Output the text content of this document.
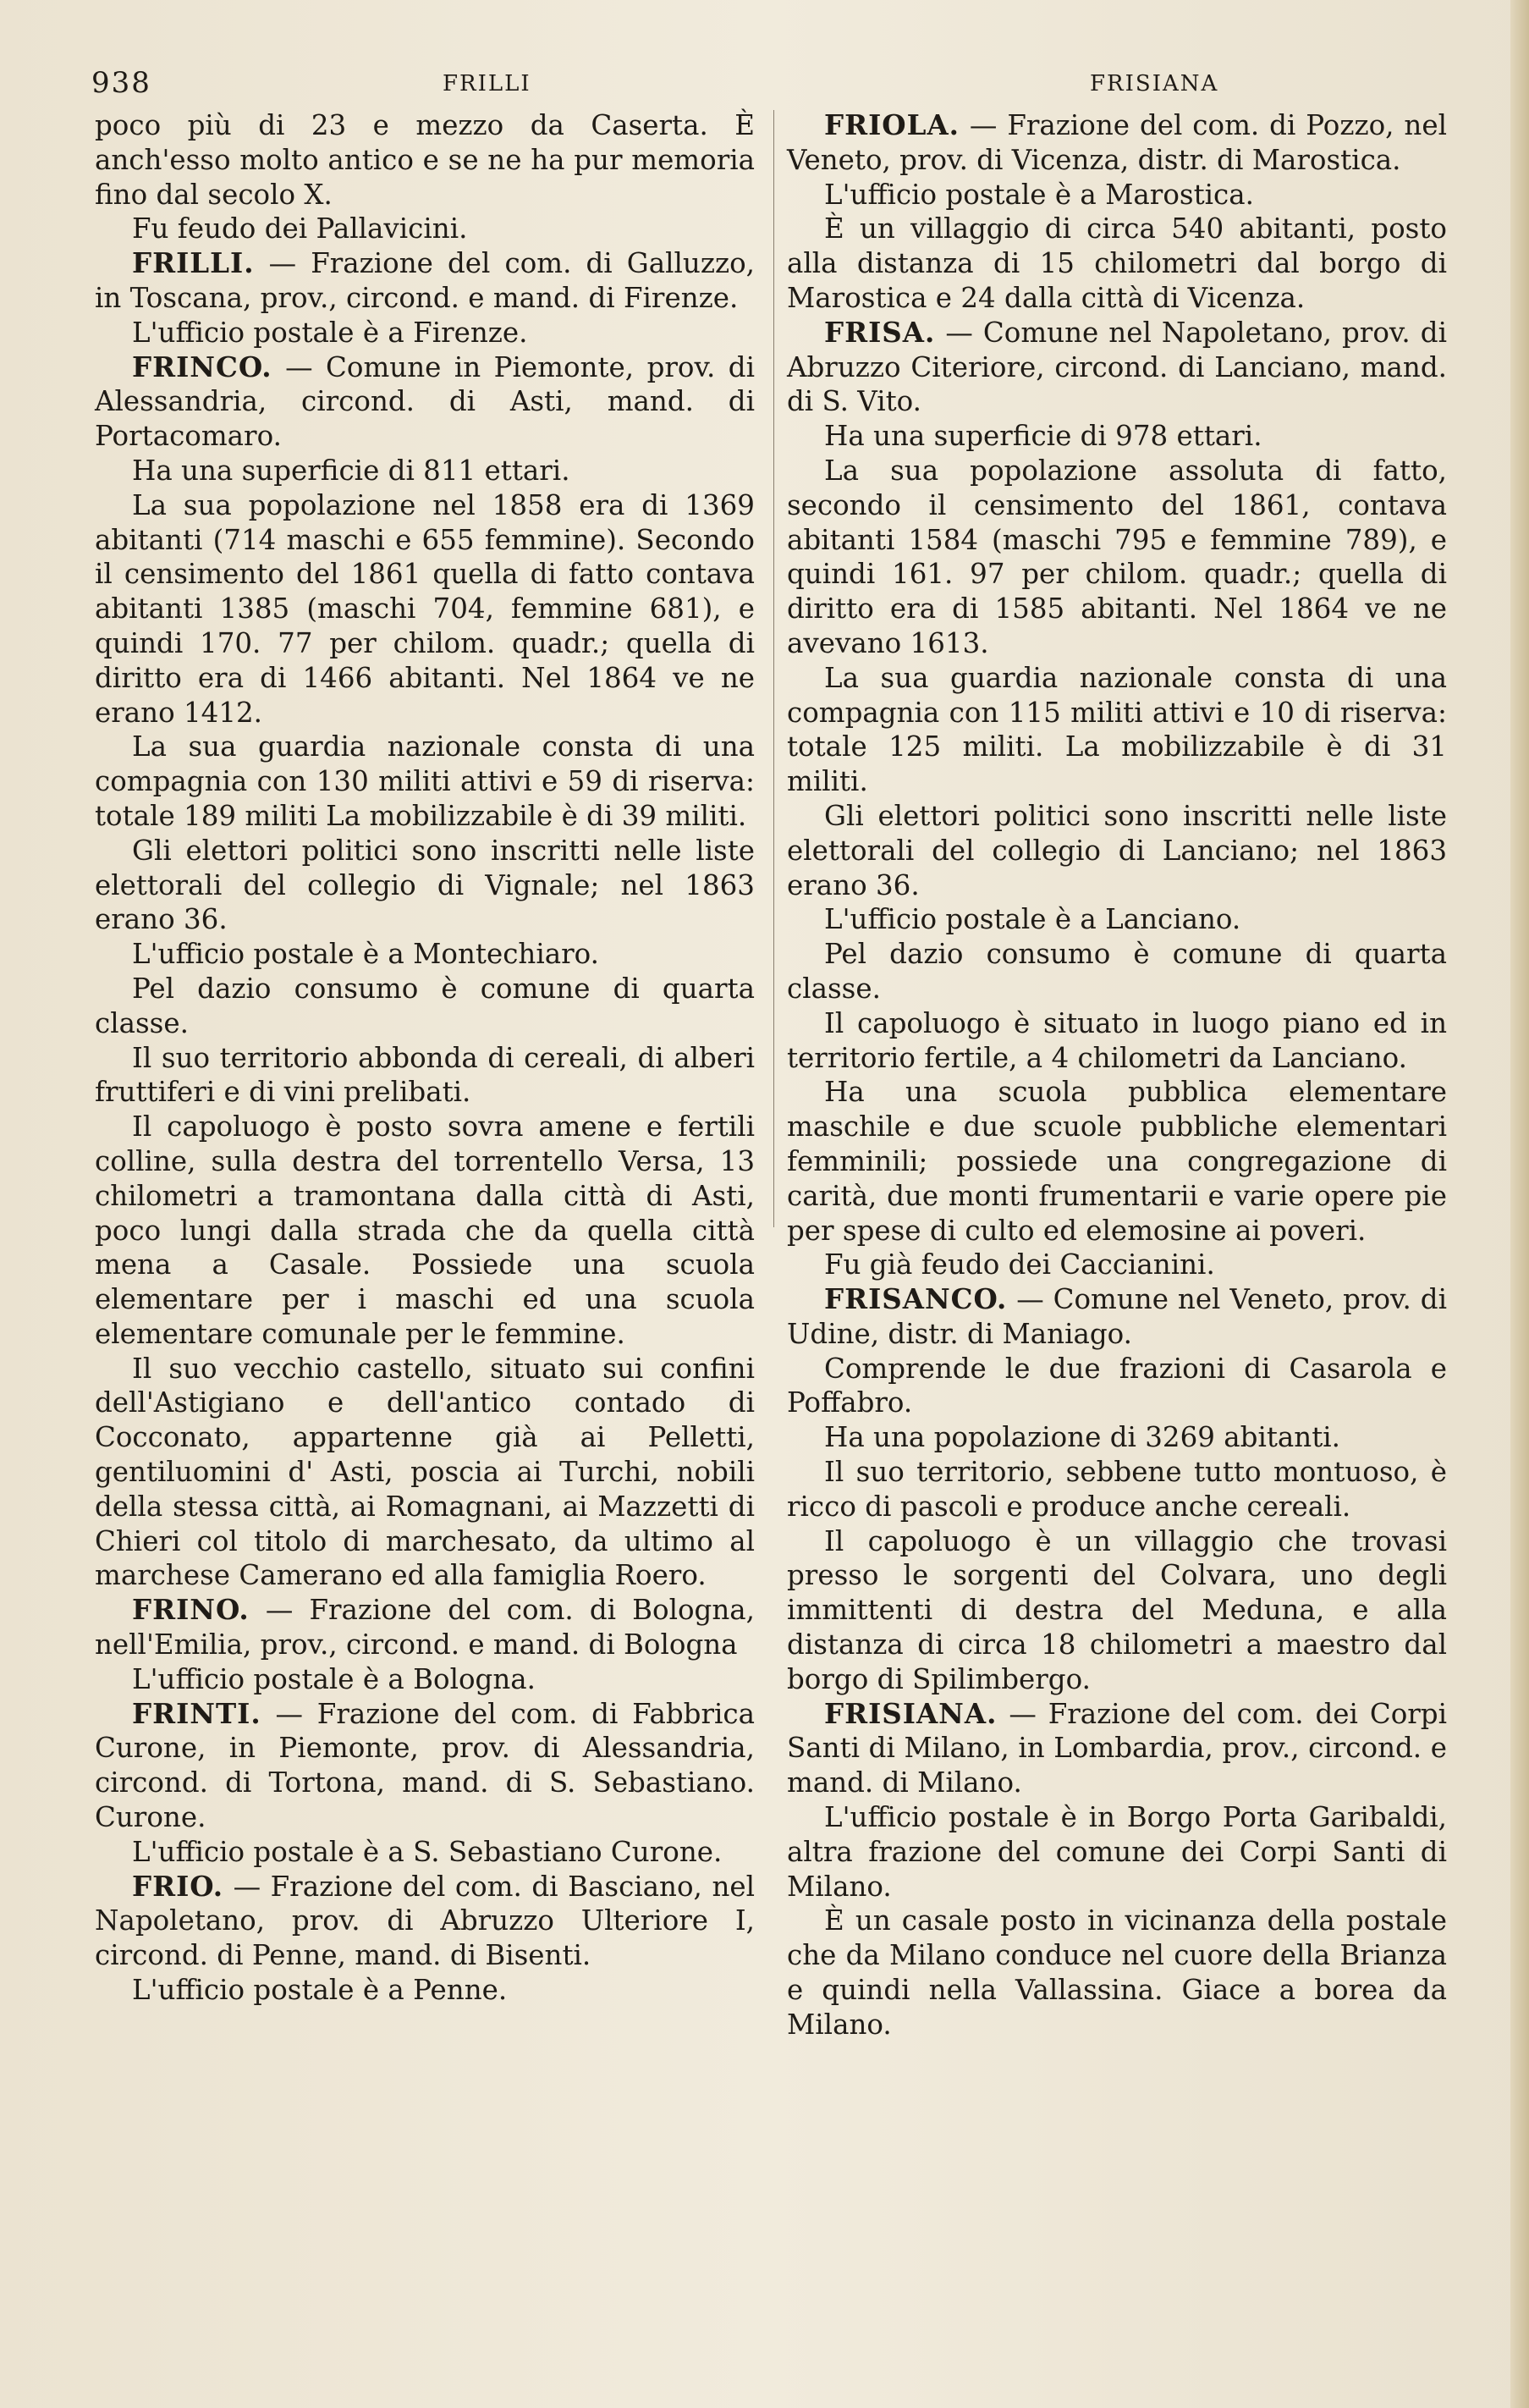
938	FRILLI	FRISIANA

poco più di 23 e mezzo da Caserta. È anch'esso molto antico e se ne ha pur memoria fino dal secolo X.

Fu feudo dei Pallavicini.

FRILLI. — Frazione del com. di Galluzzo, in Toscana, prov., circond. e mand. di Firenze.

L'ufficio postale è a Firenze.

FRINCO. — Comune in Piemonte, prov. di Alessandria, circond. di Asti, mand. di Portacomaro.

Ha una superficie di 811 ettari.

La sua popolazione nel 1858 era di 1369 abitanti (714 maschi e 655 femmine). Secondo il censimento del 1861 quella di fatto contava abitanti 1385 (maschi 704, femmine 681), e quindi 170. 77 per chilom. quadr.; quella di diritto era di 1466 abitanti. Nel 1864 ve ne erano 1412.

La sua guardia nazionale consta di una compagnia con 130 militi attivi e 59 di riserva: totale 189 militi La mobilizzabile è di 39 militi.

Gli elettori politici sono inscritti nelle liste elettorali del collegio di Vignale; nel 1863 erano 36.

L'ufficio postale è a Montechiaro.

Pel dazio consumo è comune di quarta classe.

Il suo territorio abbonda di cereali, di alberi fruttiferi e di vini prelibati.

Il capoluogo è posto sovra amene e fertili colline, sulla destra del torrentello Versa, 13 chilometri a tramontana dalla città di Asti, poco lungi dalla strada che da quella città mena a Casale. Possiede una scuola elementare per i maschi ed una scuola elementare comunale per le femmine.

Il suo vecchio castello, situato sui confini dell'Astigiano e dell'antico contado di Cocconato, appartenne già ai Pelletti, gentiluomini d' Asti, poscia ai Turchi, nobili della stessa città, ai Romagnani, ai Mazzetti di Chieri col titolo di marchesato, da ultimo al marchese Camerano ed alla famiglia Roero.

FRINO. — Frazione del com. di Bologna, nell'Emilia, prov., circond. e mand. di Bologna

L'ufficio postale è a Bologna.

FRINTI. — Frazione del com. di Fabbrica Curone, in Piemonte, prov. di Alessandria, circond. di Tortona, mand. di S. Sebastiano. Curone.

L'ufficio postale è a S. Sebastiano Curone.

FRIO. — Frazione del com. di Basciano, nel Napoletano, prov. di Abruzzo Ulteriore I, circond. di Penne, mand. di Bisenti.

L'ufficio postale è a Penne.

FRIOLA. — Frazione del com. di Pozzo, nel Veneto, prov. di Vicenza, distr. di Marostica.

L'ufficio postale è a Marostica.

È un villaggio di circa 540 abitanti, posto alla distanza di 15 chilometri dal borgo di Marostica e 24 dalla città di Vicenza.

FRISA. — Comune nel Napoletano, prov. di Abruzzo Citeriore, circond. di Lanciano, mand. di S. Vito.

Ha una superficie di 978 ettari.

La sua popolazione assoluta di fatto, secondo il censimento del 1861, contava abitanti 1584 (maschi 795 e femmine 789), e quindi 161. 97 per chilom. quadr.; quella di diritto era di 1585 abitanti. Nel 1864 ve ne avevano 1613.

La sua guardia nazionale consta di una compagnia con 115 militi attivi e 10 di riserva: totale 125 militi. La mobilizzabile è di 31 militi.

Gli elettori politici sono inscritti nelle liste elettorali del collegio di Lanciano; nel 1863 erano 36.

L'ufficio postale è a Lanciano.

Pel dazio consumo è comune di quarta classe.

Il capoluogo è situato in luogo piano ed in territorio fertile, a 4 chilometri da Lanciano.

Ha una scuola pubblica elementare maschile e due scuole pubbliche elementari femminili; possiede una congregazione di carità, due monti frumentarii e varie opere pie per spese di culto ed elemosine ai poveri.

Fu già feudo dei Caccianini.

FRISANCO. — Comune nel Veneto, prov. di Udine, distr. di Maniago.

Comprende le due frazioni di Casarola e Poffabro.

Ha una popolazione di 3269 abitanti.

Il suo territorio, sebbene tutto montuoso, è ricco di pascoli e produce anche cereali.

Il capoluogo è un villaggio che trovasi presso le sorgenti del Colvara, uno degli immittenti di destra del Meduna, e alla distanza di circa 18 chilometri a maestro dal borgo di Spilimbergo.

FRISIANA. — Frazione del com. dei Corpi Santi di Milano, in Lombardia, prov., circond. e mand. di Milano.

L'ufficio postale è in Borgo Porta Garibaldi, altra frazione del comune dei Corpi Santi di Milano.

È un casale posto in vicinanza della postale che da Milano conduce nel cuore della Brianza e quindi nella Vallassina. Giace a borea da Milano.
